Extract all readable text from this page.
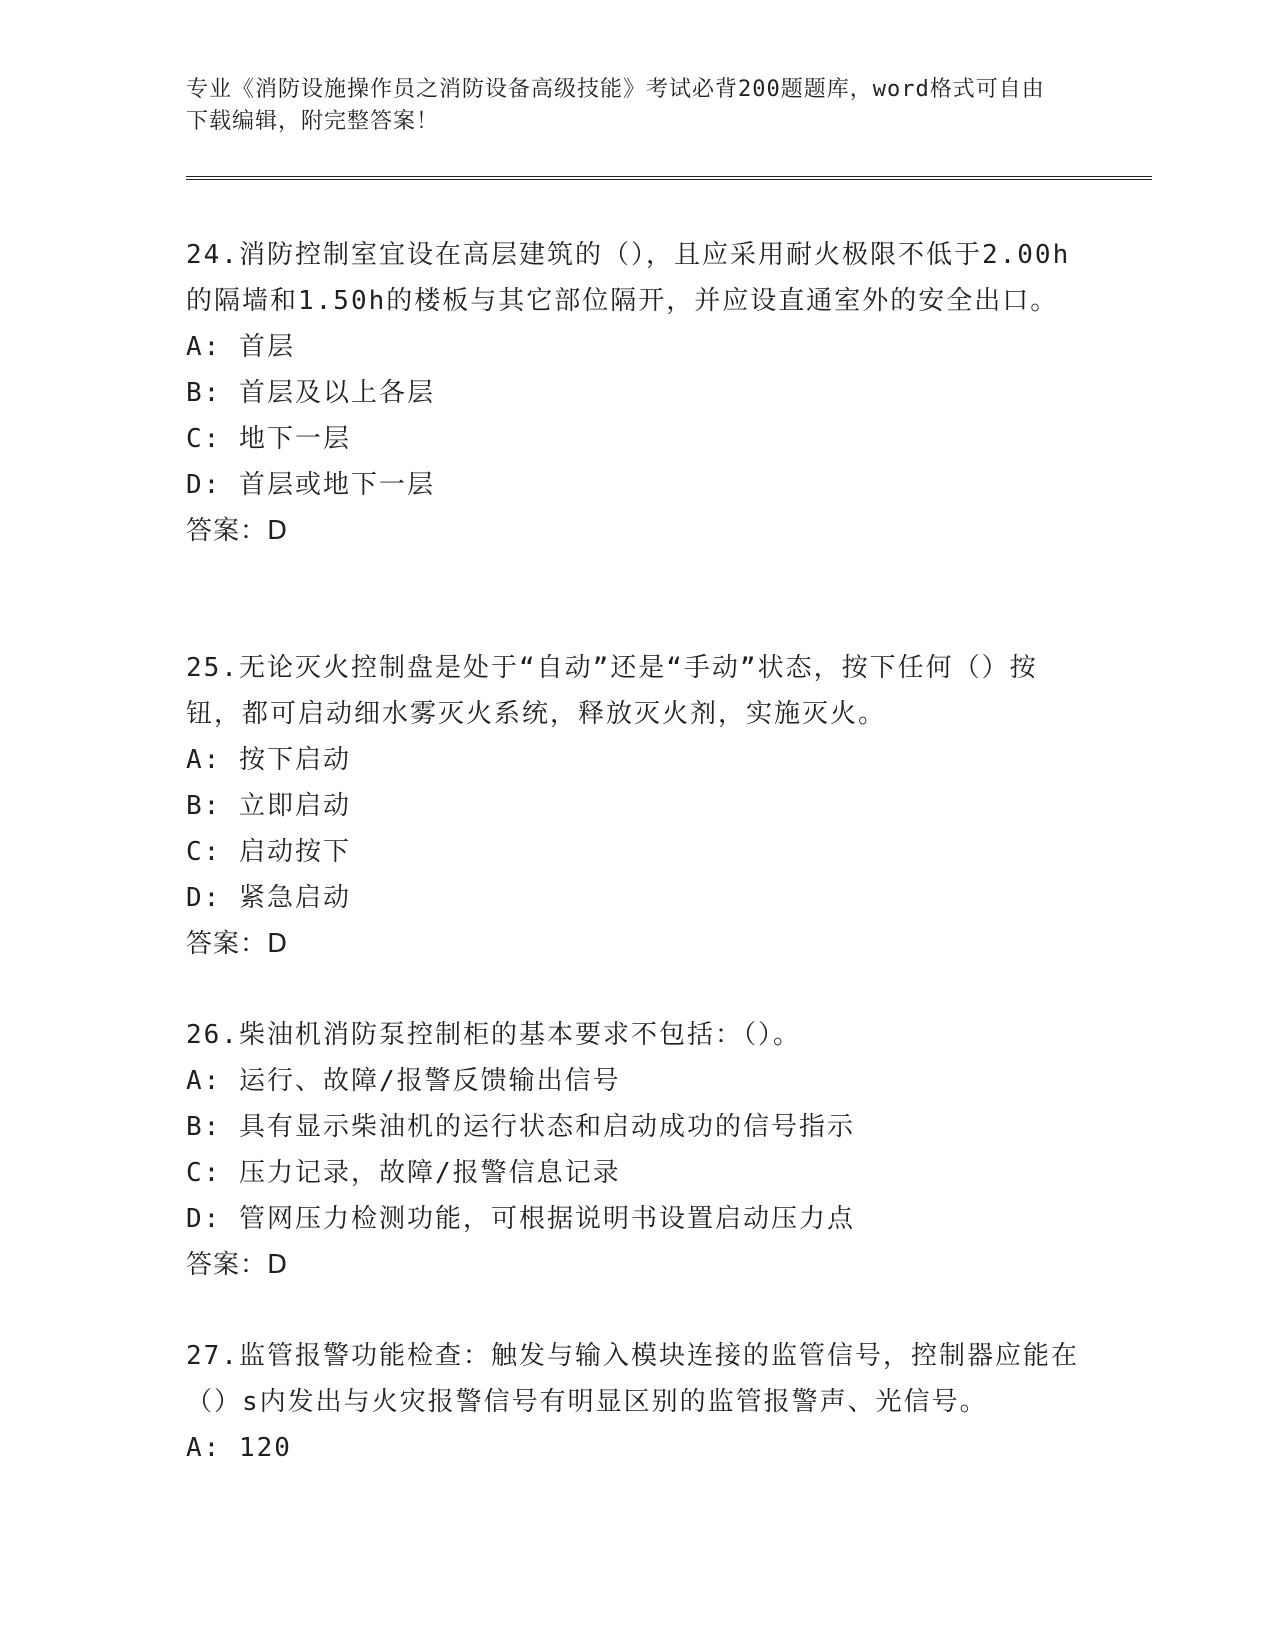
专业《消防设施操作员之消防设备高级技能》考试必背200题题库，word格式可自由下载编辑，附完整答案！

24.消防控制室宜设在高层建筑的（），且应采用耐火极限不低于2.00h的隔墙和1.50h的楼板与其它部位隔开，并应设直通室外的安全出口。

A: 首层

B: 首层及以上各层

C: 地下一层

D: 首层或地下一层

答案：D

25.无论灭火控制盘是处于“自动”还是“手动”状态，按下任何（）按钮，都可启动细水雾灭火系统，释放灭火剂，实施灭火。

A: 按下启动

B: 立即启动

C: 启动按下

D: 紧急启动

答案：D

26.柴油机消防泵控制柜的基本要求不包括：（）。

A: 运行、故障/报警反馈输出信号

B: 具有显示柴油机的运行状态和启动成功的信号指示

C: 压力记录，故障/报警信息记录

D: 管网压力检测功能，可根据说明书设置启动压力点

答案：D

27.监管报警功能检查：触发与输入模块连接的监管信号，控制器应能在（）s内发出与火灾报警信号有明显区别的监管报警声、光信号。

A: 120
